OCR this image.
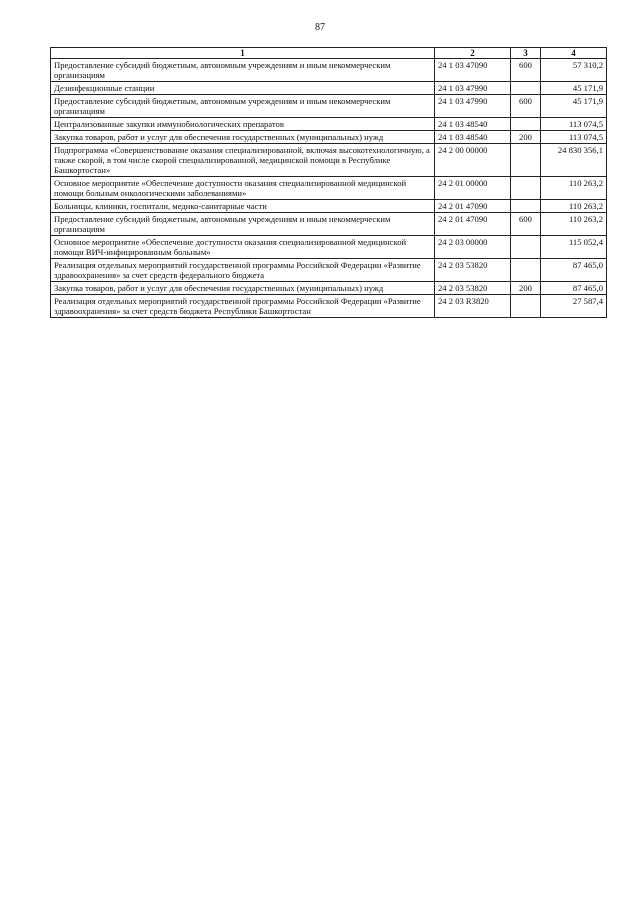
87
1	2	3	4
Предоставление субсидий бюджетным, автономным учреждениям и иным некоммерческим организациям	24 1 03 47090	600	57 310,2
Дезинфекционные станции	24 1 03 47990		45 171,9
Предоставление субсидий бюджетным, автономным учреждениям и иным некоммерческим организациям	24 1 03 47990	600	45 171,9
Централизованные закупки иммунобиологических препаратов	24 1 03 48540		113 074,5
Закупка товаров, работ и услуг для обеспечения государственных (муниципальных) нужд	24 1 03 48540	200	113 074,5
Подпрограмма «Совершенствование оказания специализированной, включая высокотехнологичную, а также скорой, в том числе скорой специализированной, медицинской помощи в Республике Башкортостан»	24 2 00 00000		24 830 356,1
Основное мероприятие «Обеспечение доступности оказания специализированной медицинской помощи больным онкологическими заболеваниями»	24 2 01 00000		110 263,2
Больницы, клиники, госпитали, медико-санитарные части	24 2 01 47090		110 263,2
Предоставление субсидий бюджетным, автономным учреждениям и иным некоммерческим организациям	24 2 01 47090	600	110 263,2
Основное мероприятие «Обеспечение доступности оказания специализированной медицинской помощи ВИЧ-инфицированным больным»	24 2 03 00000		115 052,4
Реализация отдельных мероприятий государственной программы Российской Федерации «Развитие здравоохранения» за счет средств федерального бюджета	24 2 03 53820		87 465,0
Закупка товаров, работ и услуг для обеспечения государственных (муниципальных) нужд	24 2 03 53820	200	87 465,0
Реализация отдельных мероприятий государственной программы Российской Федерации «Развитие здравоохранения» за счет средств бюджета Республики Башкортостан	24 2 03 R3820		27 587,4
